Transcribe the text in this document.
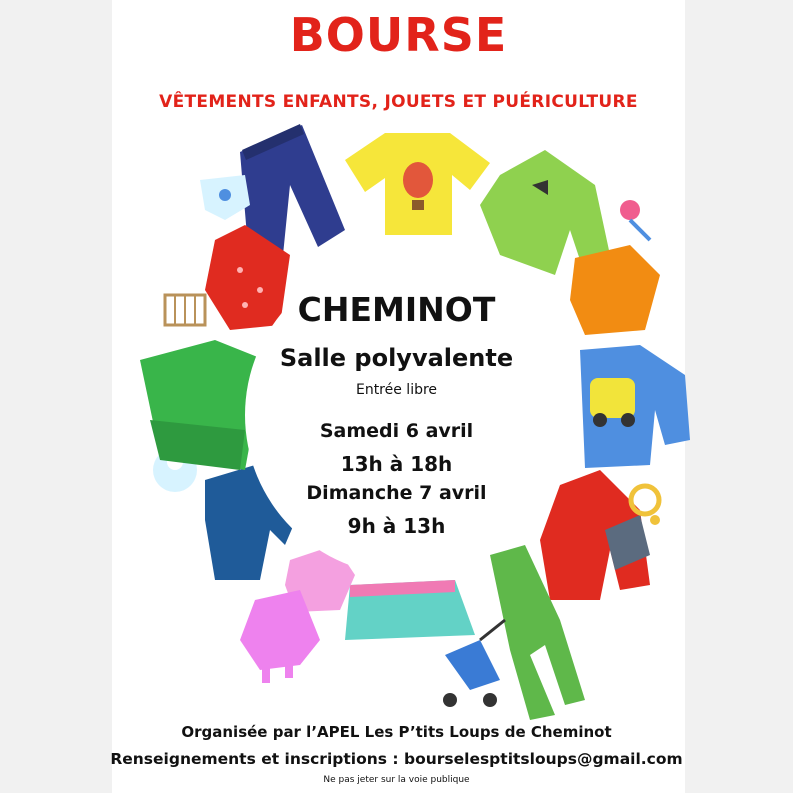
BOURSE
VÊTEMENTS ENFANTS, JOUETS ET PUÉRICULTURE
CHEMINOT
Salle polyvalente
Entrée libre
Samedi 6 avril
13h à 18h
Dimanche 7 avril
9h à 13h
Organisée par l’APEL Les P’tits Loups de Cheminot
Renseignements et inscriptions : bourselesptitsloups@gmail.com
Ne pas jeter sur la voie publique
